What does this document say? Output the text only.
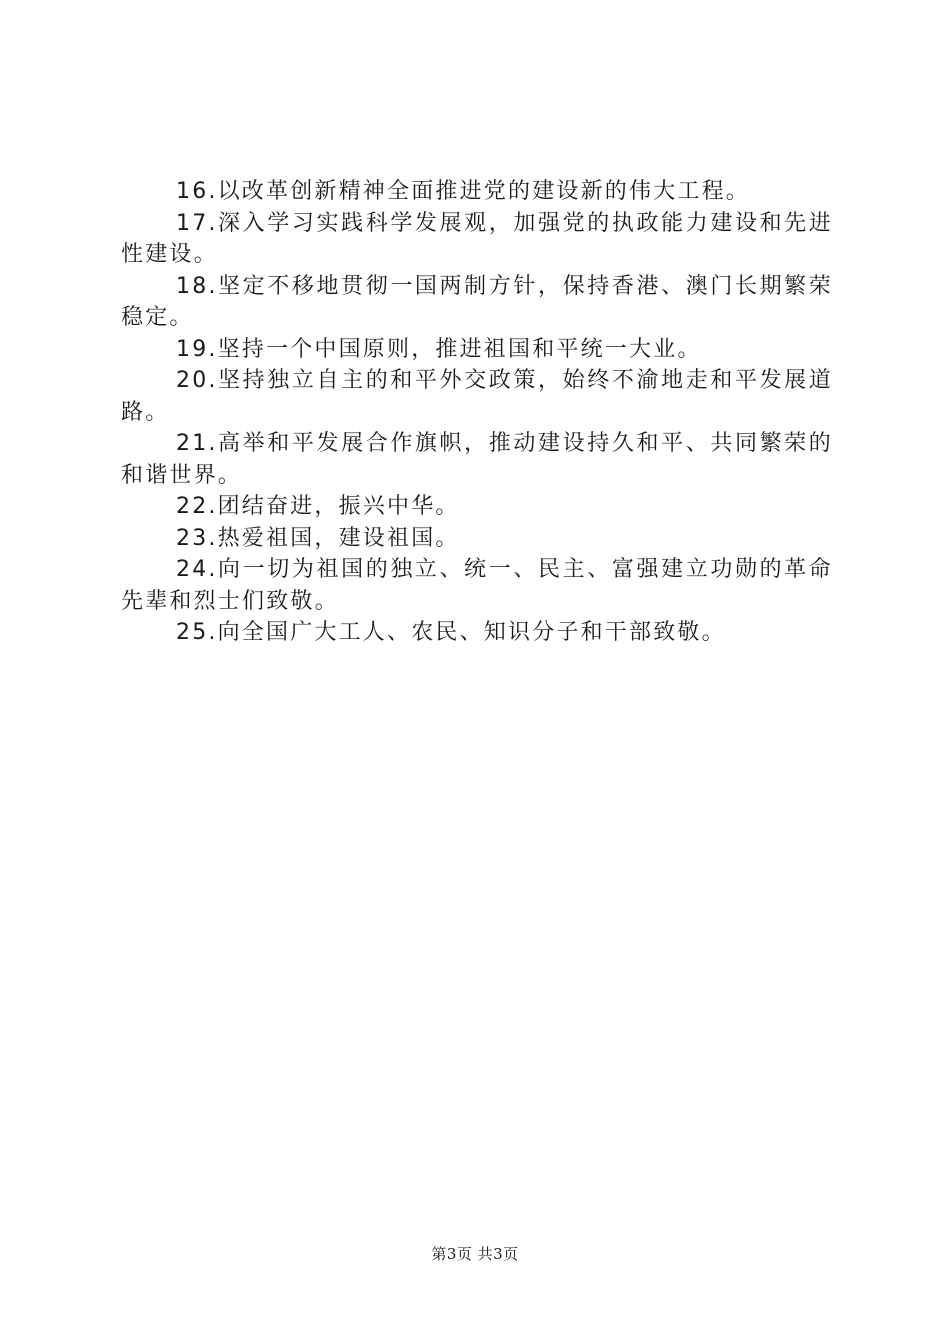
16.以改革创新精神全面推进党的建设新的伟大工程。

17.深入学习实践科学发展观，加强党的执政能力建设和先进性建设。

18.坚定不移地贯彻一国两制方针，保持香港、澳门长期繁荣稳定。

19.坚持一个中国原则，推进祖国和平统一大业。

20.坚持独立自主的和平外交政策，始终不渝地走和平发展道路。

21.高举和平发展合作旗帜，推动建设持久和平、共同繁荣的和谐世界。

22.团结奋进，振兴中华。

23.热爱祖国，建设祖国。

24.向一切为祖国的独立、统一、民主、富强建立功勋的革命先辈和烈士们致敬。

25.向全国广大工人、农民、知识分子和干部致敬。

第3页 共3页
